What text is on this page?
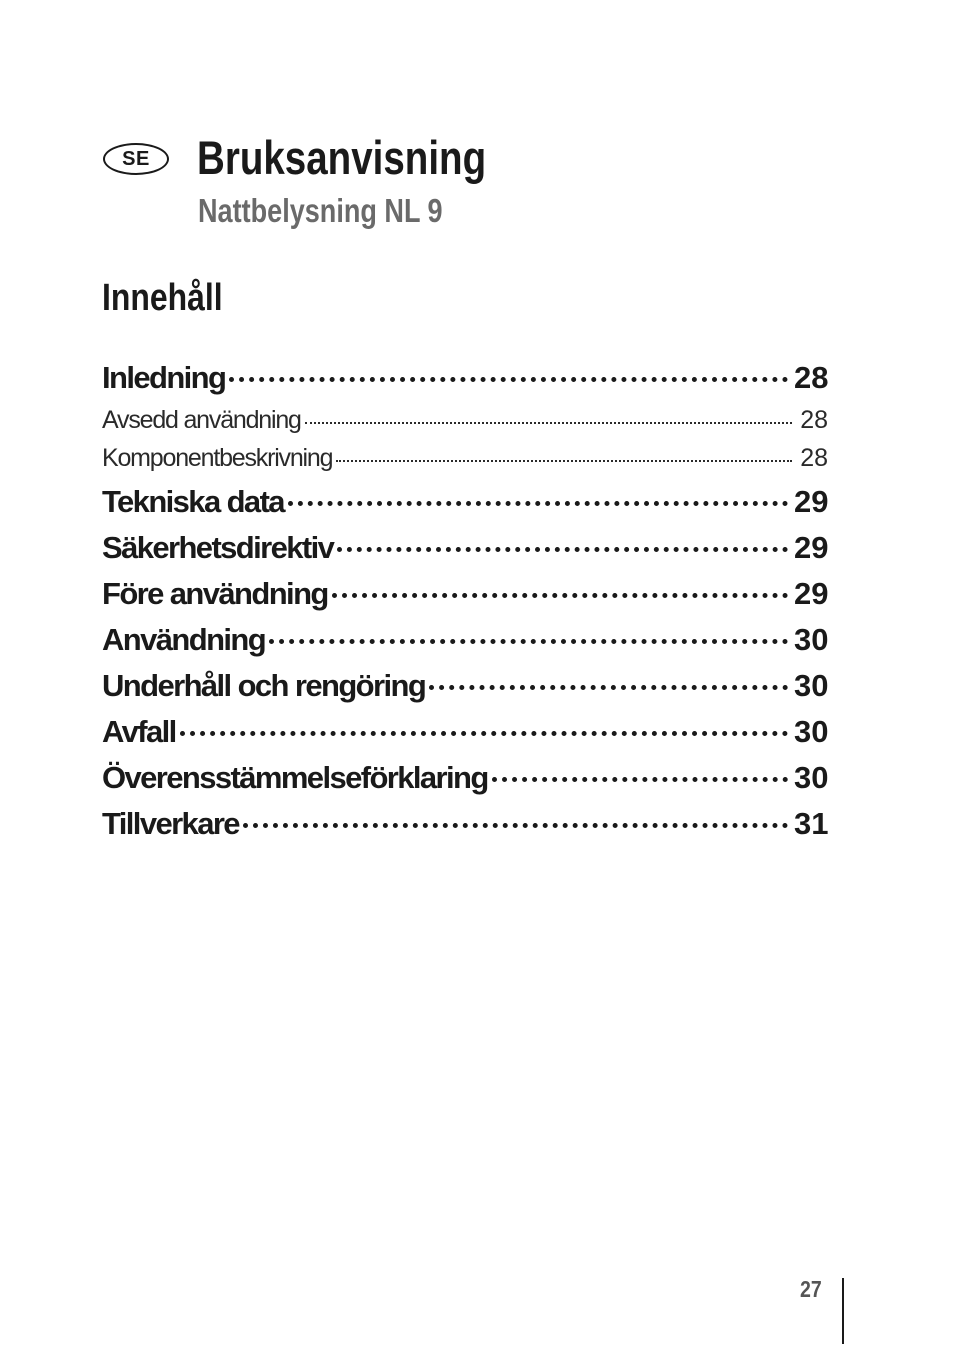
SE	Bruksanvisning
Nattbelysning NL 9
Innehåll
Inledning	28
Avsedd användning	28
Komponentbeskrivning	28
Tekniska data	29
Säkerhetsdirektiv	29
Före användning	29
Användning	30
Underhåll och rengöring	30
Avfall	30
Överensstämmelseförklaring	30
Tillverkare	31
27
